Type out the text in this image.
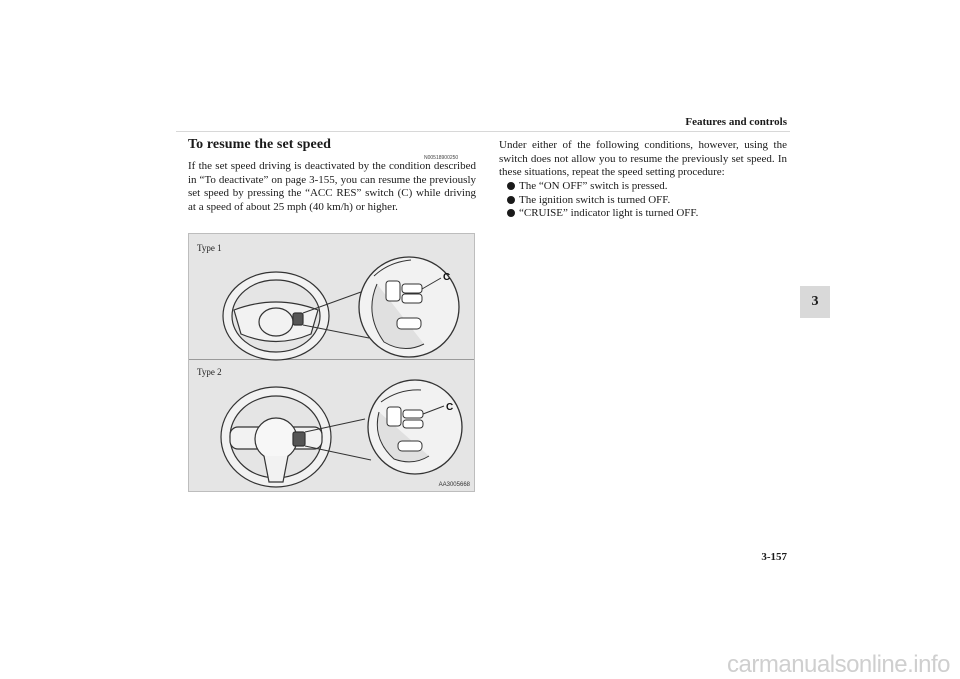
Features and controls
3
To resume the set speed
N00518900250
If the set speed driving is deactivated by the condition described in “To deactivate” on page 3-155, you can resume the previously set speed by pressing the “ACC RES” switch (C) while driving at a speed of about 25 mph (40 km/h) or higher.
Type 1
Type 2
C
C
AA3005668
Under either of the following conditions, however, using the switch does not allow you to resume the previously set speed. In these situations, repeat the speed setting procedure:
The “ON OFF” switch is pressed.
The ignition switch is turned OFF.
“CRUISE” indicator light is turned OFF.
3-157
carmanualsonline.info
